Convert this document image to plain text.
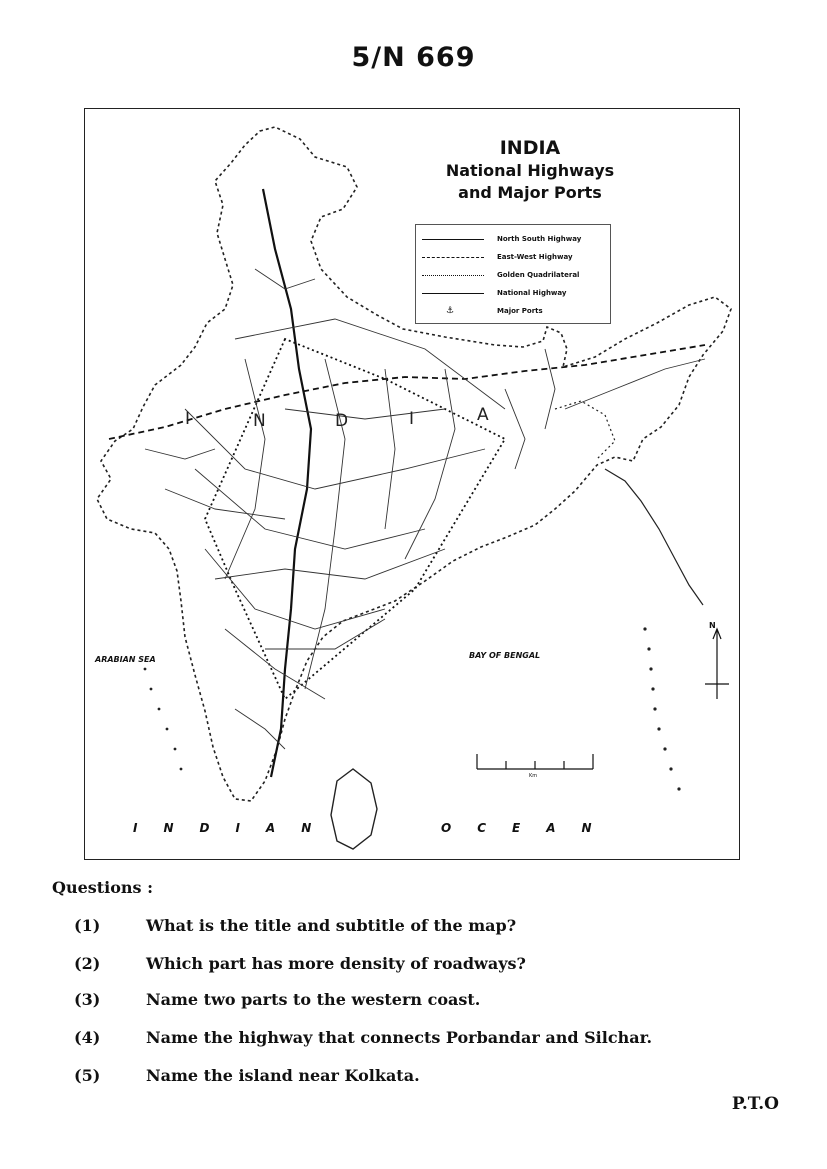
5/N 669
INDIA
National Highways
and Major Ports
North South Highway
East-West Highway
Golden Quadrilateral
National Highway
⚓	Major Ports
I	N	D	I	A
ARABIAN SEA	BAY OF BENGAL
INDIAN	OCEAN
N
Km
Questions :
(1)	What is the title and subtitle of the map?
(2)	Which part has more density of roadways?
(3)	Name two parts to the western coast.
(4)	Name the highway that connects Porbandar and Silchar.
(5)	Name the island near Kolkata.
P.T.O
